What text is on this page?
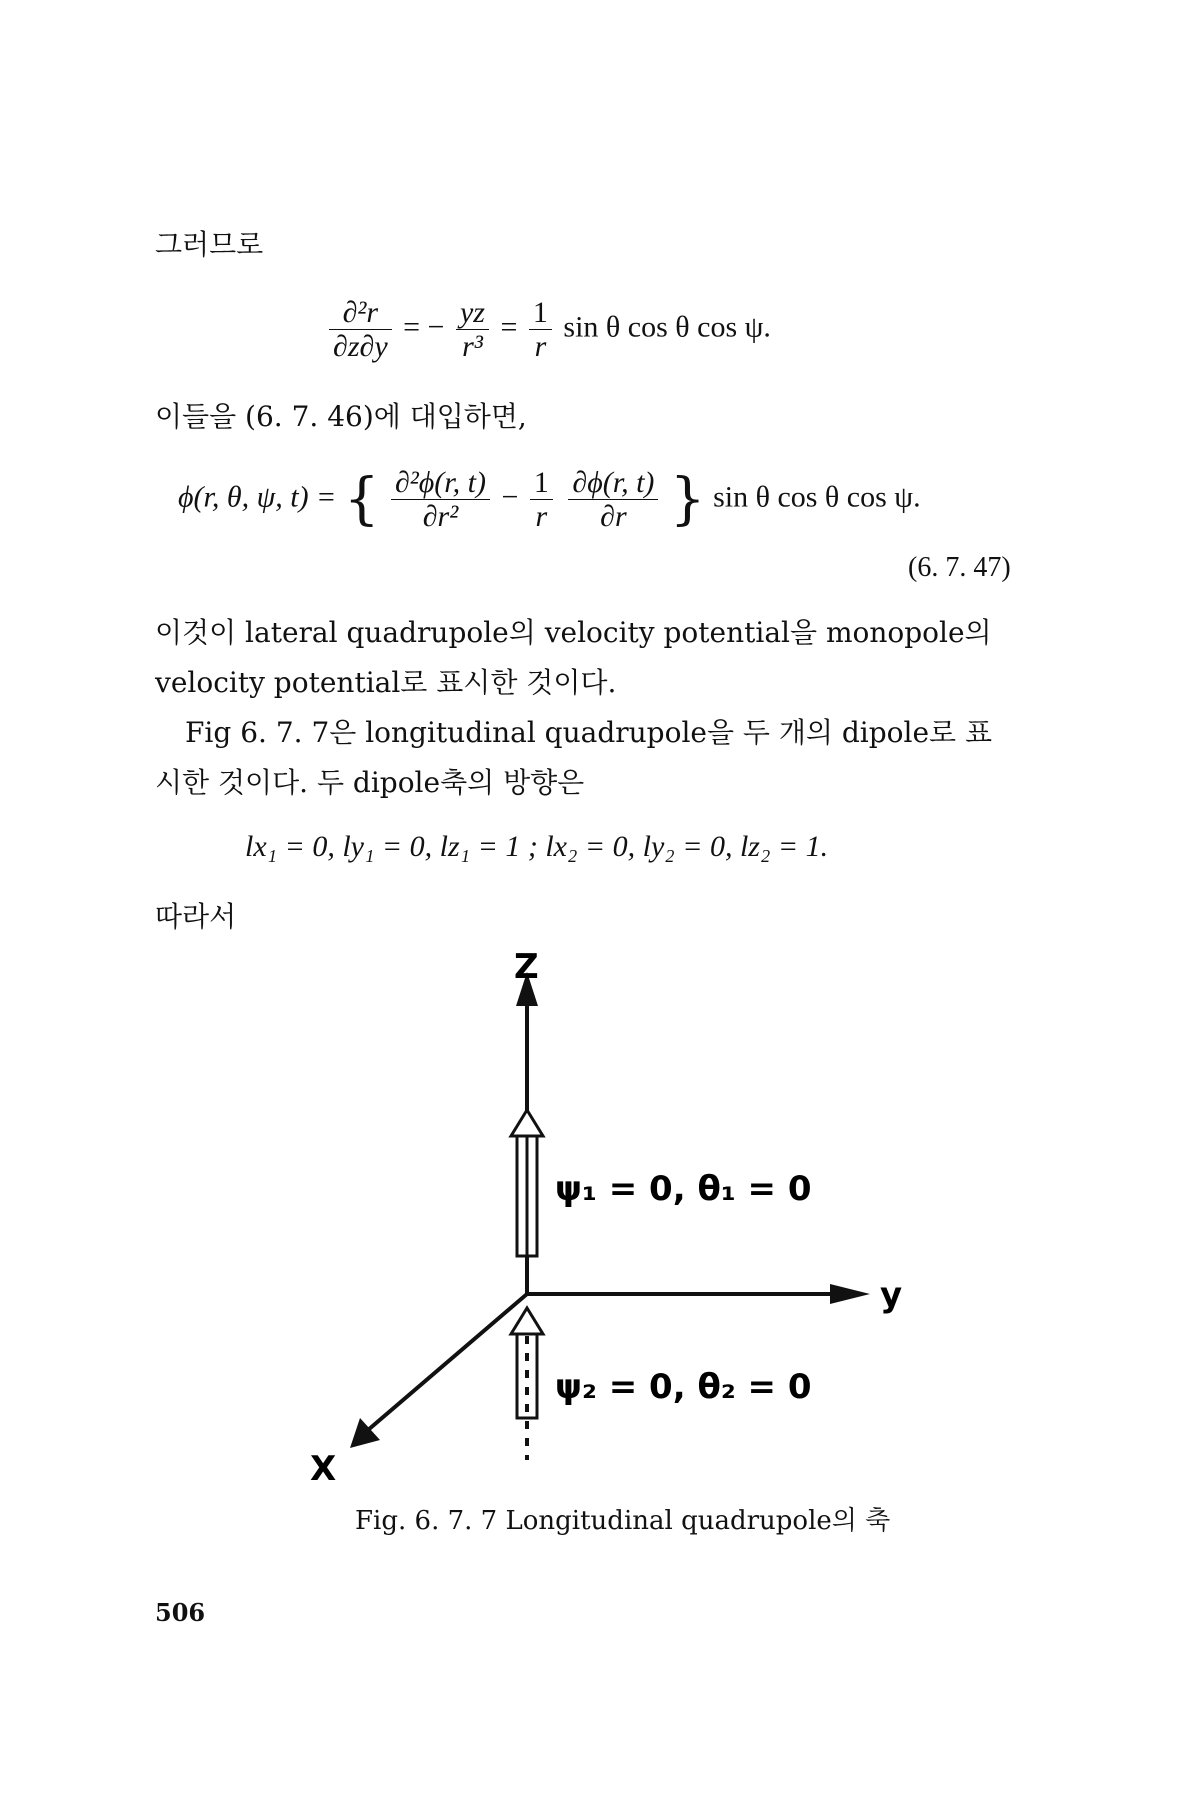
그러므로
$\frac{\text{∂²r}}{\partial z\partial y}$ = − $\frac{yz}{\text{r³}} = \frac{1}{r}$ sin θ cos θ cos ψ.
이들을 (6. 7. 46)에 대입하면,
ϕ(r, θ, ψ, t) = { $\frac{\text{∂²ϕ(r, t)}}{\text{∂r²}} - \frac{1}{r}$
$\frac{\partial\phi(r, t)}{\partial r}$ } sin θ cos θ cos ψ.
(6. 7. 47)
이것이 lateral quadrupole의 velocity potential을 monopole의
velocity potential로 표시한 것이다.
Fig 6. 7. 7은 longitudinal quadrupole을 두 개의 dipole로 표
시한 것이다. 두 dipole축의 방향은
lx₁ = 0, ly₁ = 0, lz₁ = 1 ; lx₂ = 0, ly₂ = 0, lz₂ = 1.
따라서
Z
y
X
ψ₁ = 0, θ₁ = 0
ψ₂ = 0, θ₂ = 0
Fig. 6. 7. 7 Longitudinal quadrupole의 축
506
